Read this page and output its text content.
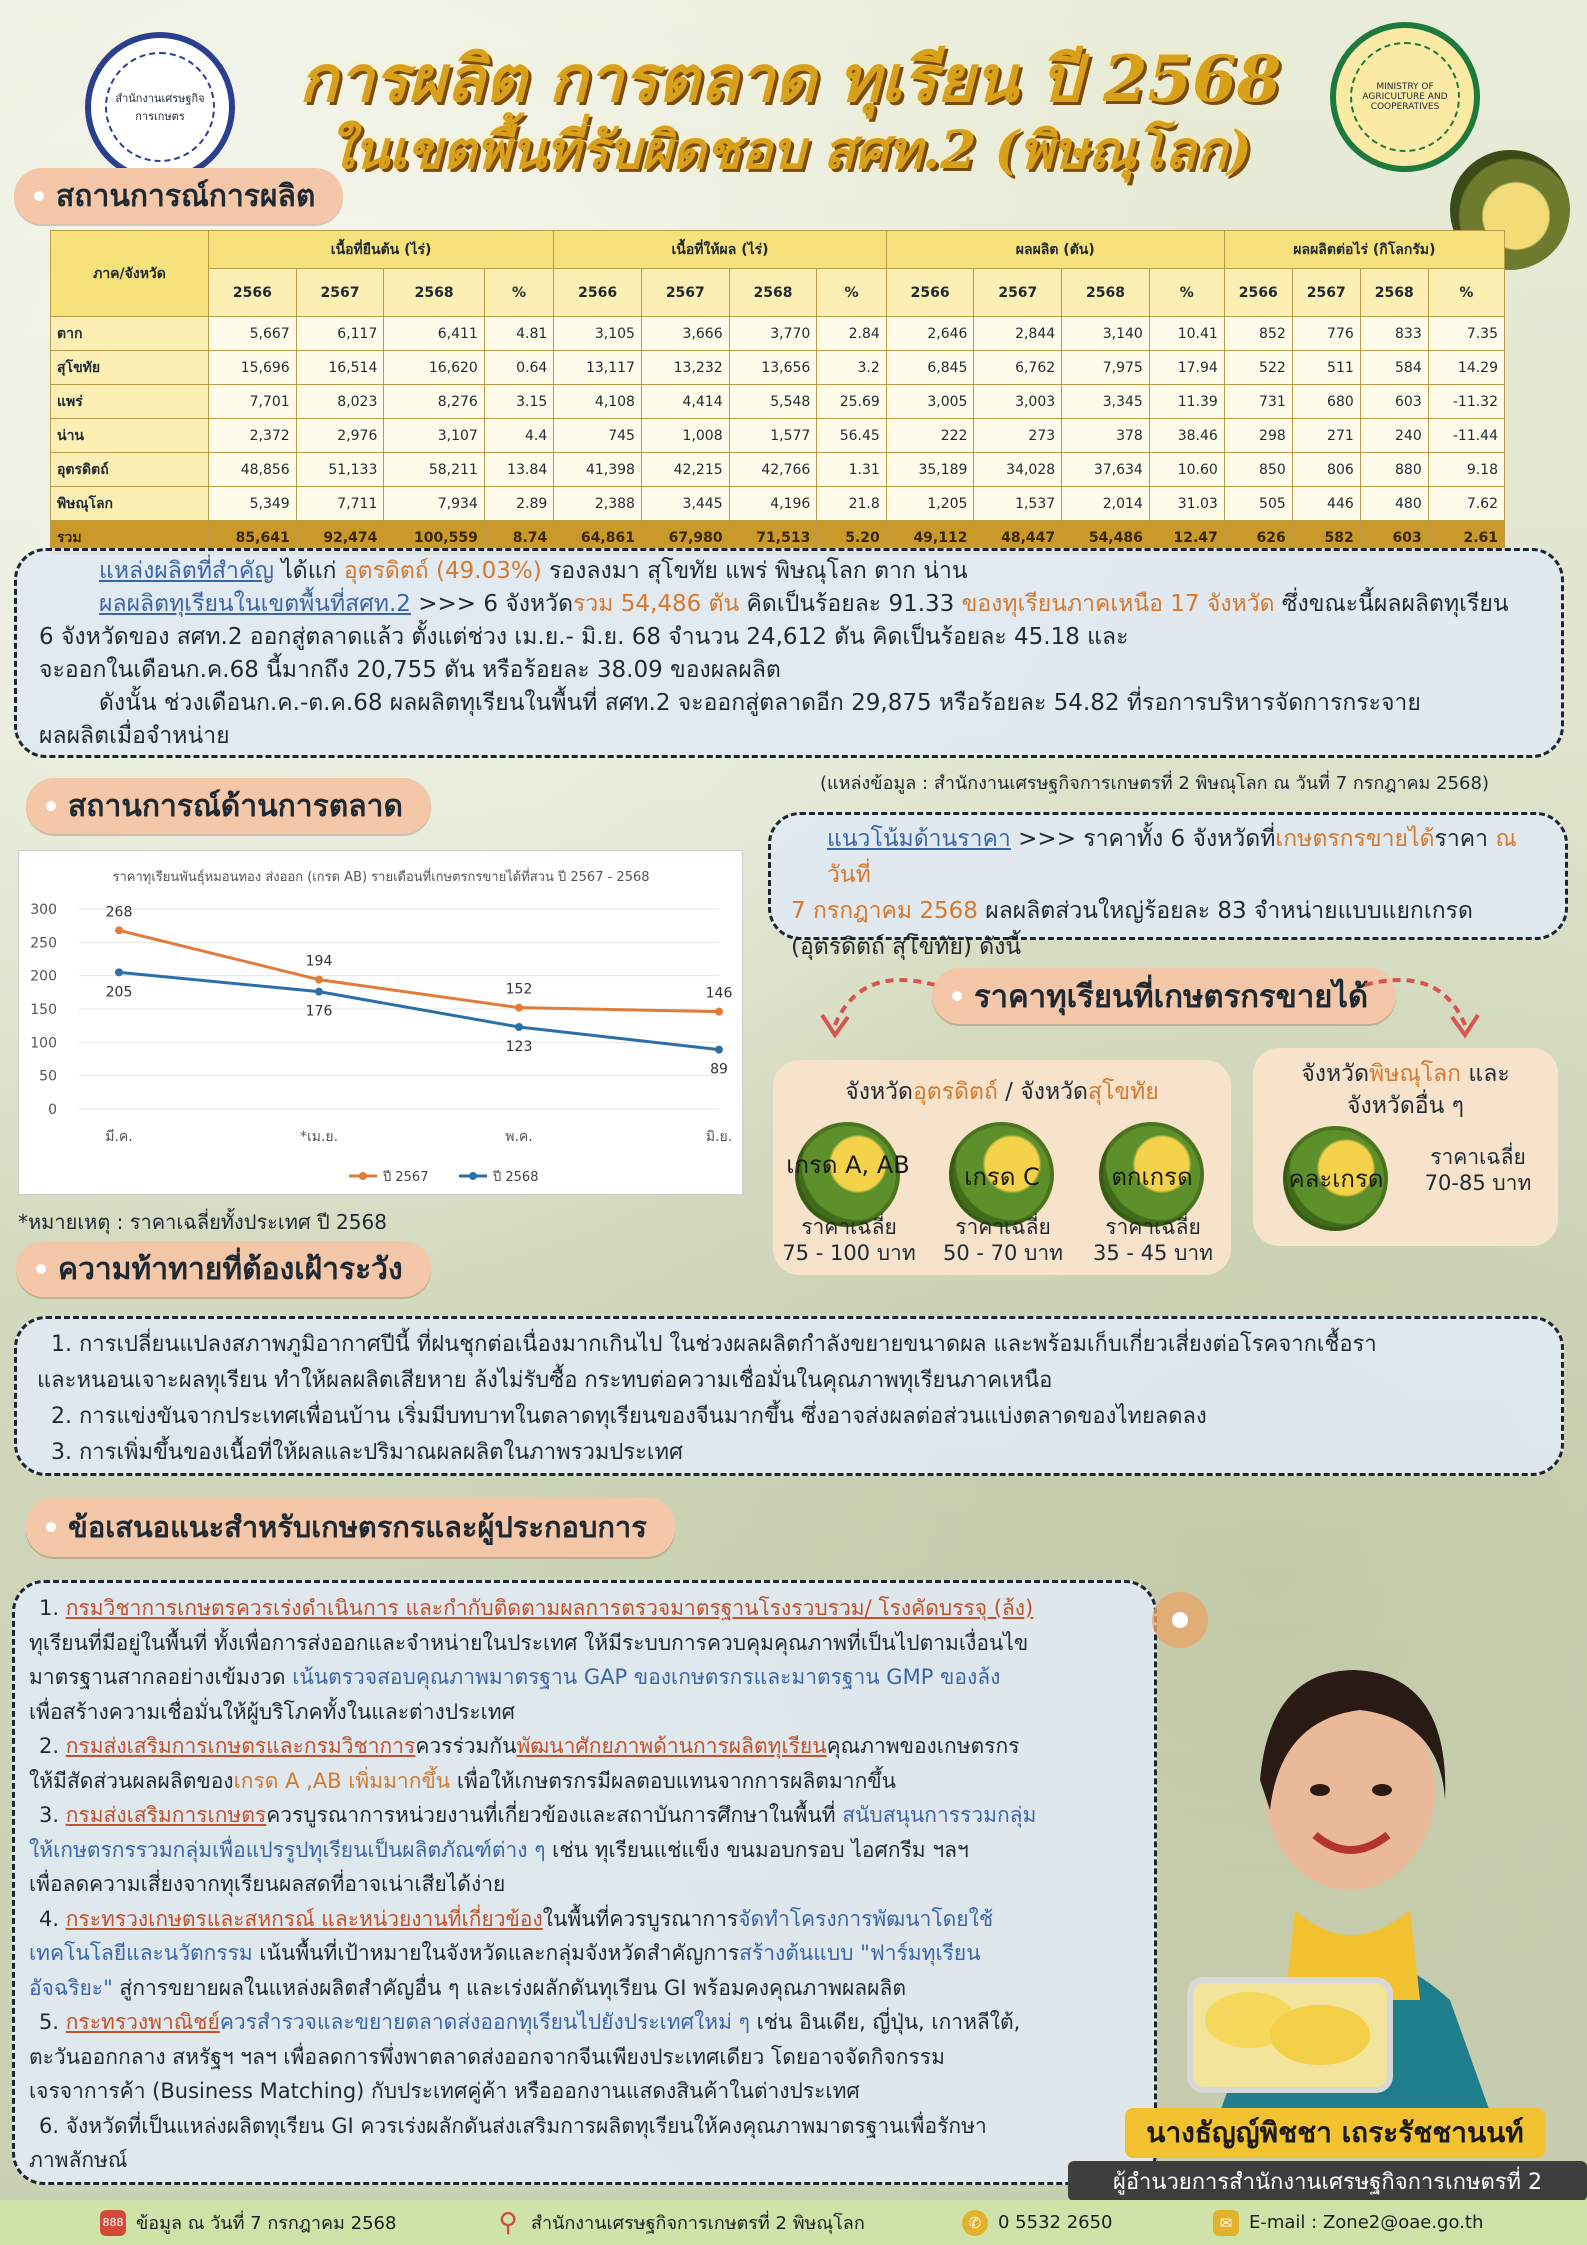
สำนักงานเศรษฐกิจการเกษตร
MINISTRY OF AGRICULTURE AND COOPERATIVES
การผลิต การตลาด ทุเรียน ปี 2568
ในเขตพื้นที่รับผิดชอบ สศท.2 (พิษณุโลก)
สถานการณ์การผลิต
ภาค/จังหวัด	เนื้อที่ยืนต้น (ไร่)				เนื้อที่ให้ผล (ไร่)				ผลผลิต (ตัน)				ผลผลิตต่อไร่ (กิโลกรัม)			
	2566	2567	2568	%	2566	2567	2568	%	2566	2567	2568	%	2566	2567	2568	%
ตาก	5,667	6,117	6,411	4.81	3,105	3,666	3,770	2.84	2,646	2,844	3,140	10.41	852	776	833	7.35
สุโขทัย	15,696	16,514	16,620	0.64	13,117	13,232	13,656	3.2	6,845	6,762	7,975	17.94	522	511	584	14.29
แพร่	7,701	8,023	8,276	3.15	4,108	4,414	5,548	25.69	3,005	3,003	3,345	11.39	731	680	603	-11.32
น่าน	2,372	2,976	3,107	4.4	745	1,008	1,577	56.45	222	273	378	38.46	298	271	240	-11.44
อุตรดิตถ์	48,856	51,133	58,211	13.84	41,398	42,215	42,766	1.31	35,189	34,028	37,634	10.60	850	806	880	9.18
พิษณุโลก	5,349	7,711	7,934	2.89	2,388	3,445	4,196	21.8	1,205	1,537	2,014	31.03	505	446	480	7.62
รวม	85,641	92,474	100,559	8.74	64,861	67,980	71,513	5.20	49,112	48,447	54,486	12.47	626	582	603	2.61
แหล่งผลิตที่สำคัญ ได้แก่ อุตรดิตถ์ (49.03%) รองลงมา สุโขทัย แพร่ พิษณุโลก ตาก น่าน
ผลผลิตทุเรียนในเขตพื้นที่สศท.2 >>> 6 จังหวัดรวม 54,486 ตัน คิดเป็นร้อยละ 91.33 ของทุเรียนภาคเหนือ 17 จังหวัด ซึ่งขณะนี้ผลผลิตทุเรียน
6 จังหวัดของ สศท.2 ออกสู่ตลาดแล้ว ตั้งแต่ช่วง เม.ย.- มิ.ย. 68 จำนวน 24,612 ตัน คิดเป็นร้อยละ 45.18 และ
จะออกในเดือนก.ค.68 นี้มากถึง 20,755 ตัน หรือร้อยละ 38.09 ของผลผลิต
ดังนั้น ช่วงเดือนก.ค.-ต.ค.68 ผลผลิตทุเรียนในพื้นที่ สศท.2 จะออกสู่ตลาดอีก 29,875 หรือร้อยละ 54.82 ที่รอการบริหารจัดการกระจาย
ผลผลิตเมื่อจำหน่าย
(แหล่งข้อมูล : สำนักงานเศรษฐกิจการเกษตรที่ 2 พิษณุโลก ณ วันที่ 7 กรกฎาคม 2568)
สถานการณ์ด้านการตลาด
ราคาทุเรียนพันธุ์หมอนทอง ส่งออก (เกรด AB) รายเดือนที่เกษตรกรขายได้ที่สวน ปี 2567 - 2568
0
50
100
150
200
250
300
มี.ค.	*เม.ย.	พ.ค.	มิ.ย.
268
194
152	146
ปี 2567
205
176
123
89
ปี 2568
*หมายเหตุ : ราคาเฉลี่ยทั้งประเทศ ปี 2568
แนวโน้มด้านราคา >>> ราคาทั้ง 6 จังหวัดที่เกษตรกรขายได้ราคา ณ วันที่
7 กรกฎาคม 2568 ผลผลิตส่วนใหญ่ร้อยละ 83 จำหน่ายแบบแยกเกรด
(อุตรดิตถ์ สุโขทัย) ดังนี้
ราคาทุเรียนที่เกษตรกรขายได้
จังหวัดอุตรดิตถ์ / จังหวัดสุโขทัย
เกรด A, AB
ราคาเฉลี่ย
75 - 100 บาท
เกรด C
ราคาเฉลี่ย
50 - 70 บาท
ตกเกรด
ราคาเฉลี่ย
35 - 45 บาท
จังหวัดพิษณุโลก และ
จังหวัดอื่น ๆ
คละเกรด
ราคาเฉลี่ย
70-85 บาท
ความท้าทายที่ต้องเฝ้าระวัง
1. การเปลี่ยนแปลงสภาพภูมิอากาศปีนี้ ที่ฝนชุกต่อเนื่องมากเกินไป ในช่วงผลผลิตกำลังขยายขนาดผล และพร้อมเก็บเกี่ยวเสี่ยงต่อโรคจากเชื้อรา
และหนอนเจาะผลทุเรียน ทำให้ผลผลิตเสียหาย ล้งไม่รับซื้อ กระทบต่อความเชื่อมั่นในคุณภาพทุเรียนภาคเหนือ
2. การแข่งขันจากประเทศเพื่อนบ้าน เริ่มมีบทบาทในตลาดทุเรียนของจีนมากขึ้น ซึ่งอาจส่งผลต่อส่วนแบ่งตลาดของไทยลดลง
3. การเพิ่มขึ้นของเนื้อที่ให้ผลและปริมาณผลผลิตในภาพรวมประเทศ
ข้อเสนอแนะสำหรับเกษตรกรและผู้ประกอบการ
1. กรมวิชาการเกษตรควรเร่งดำเนินการ และกำกับติดตามผลการตรวจมาตรฐานโรงรวบรวม/ โรงคัดบรรจุ (ล้ง)
ทุเรียนที่มีอยู่ในพื้นที่ ทั้งเพื่อการส่งออกและจำหน่ายในประเทศ ให้มีระบบการควบคุมคุณภาพที่เป็นไปตามเงื่อนไข
มาตรฐานสากลอย่างเข้มงวด เน้นตรวจสอบคุณภาพมาตรฐาน GAP ของเกษตรกรและมาตรฐาน GMP ของล้ง
เพื่อสร้างความเชื่อมั่นให้ผู้บริโภคทั้งในและต่างประเทศ
2. กรมส่งเสริมการเกษตรและกรมวิชาการควรร่วมกันพัฒนาศักยภาพด้านการผลิตทุเรียนคุณภาพของเกษตรกร
ให้มีสัดส่วนผลผลิตของเกรด A ,AB เพิ่มมากขึ้น เพื่อให้เกษตรกรมีผลตอบแทนจากการผลิตมากขึ้น
3. กรมส่งเสริมการเกษตรควรบูรณาการหน่วยงานที่เกี่ยวข้องและสถาบันการศึกษาในพื้นที่ สนับสนุนการรวมกลุ่ม
ให้เกษตรกรรวมกลุ่มเพื่อแปรรูปทุเรียนเป็นผลิตภัณฑ์ต่าง ๆ เช่น ทุเรียนแช่แข็ง ขนมอบกรอบ ไอศกรีม ฯลฯ
เพื่อลดความเสี่ยงจากทุเรียนผลสดที่อาจเน่าเสียได้ง่าย
4. กระทรวงเกษตรและสหกรณ์ และหน่วยงานที่เกี่ยวข้องในพื้นที่ควรบูรณาการจัดทำโครงการพัฒนาโดยใช้
เทคโนโลยีและนวัตกรรม เน้นพื้นที่เป้าหมายในจังหวัดและกลุ่มจังหวัดสำคัญการสร้างต้นแบบ "ฟาร์มทุเรียน
อัจฉริยะ" สู่การขยายผลในแหล่งผลิตสำคัญอื่น ๆ และเร่งผลักดันทุเรียน GI พร้อมคงคุณภาพผลผลิต
5. กระทรวงพาณิชย์ควรสำรวจและขยายตลาดส่งออกทุเรียนไปยังประเทศใหม่ ๆ เช่น อินเดีย, ญี่ปุ่น, เกาหลีใต้,
ตะวันออกกลาง สหรัฐฯ ฯลฯ เพื่อลดการพึ่งพาตลาดส่งออกจากจีนเพียงประเทศเดียว โดยอาจจัดกิจกรรม
เจรจาการค้า (Business Matching) กับประเทศคู่ค้า หรือออกงานแสดงสินค้าในต่างประเทศ
6. จังหวัดที่เป็นแหล่งผลิตทุเรียน GI ควรเร่งผลักดันส่งเสริมการผลิตทุเรียนให้คงคุณภาพมาตรฐานเพื่อรักษา
ภาพลักษณ์
นางธัญญ์พิชชา เถระรัชชานนท์
ผู้อำนวยการสำนักงานเศรษฐกิจการเกษตรที่ 2
888 ข้อมูล ณ วันที่ 7 กรกฎาคม 2568	⚲ สำนักงานเศรษฐกิจการเกษตรที่ 2 พิษณุโลก	✆ 0 5532 2650	✉ E-mail : Zone2@oae.go.th
